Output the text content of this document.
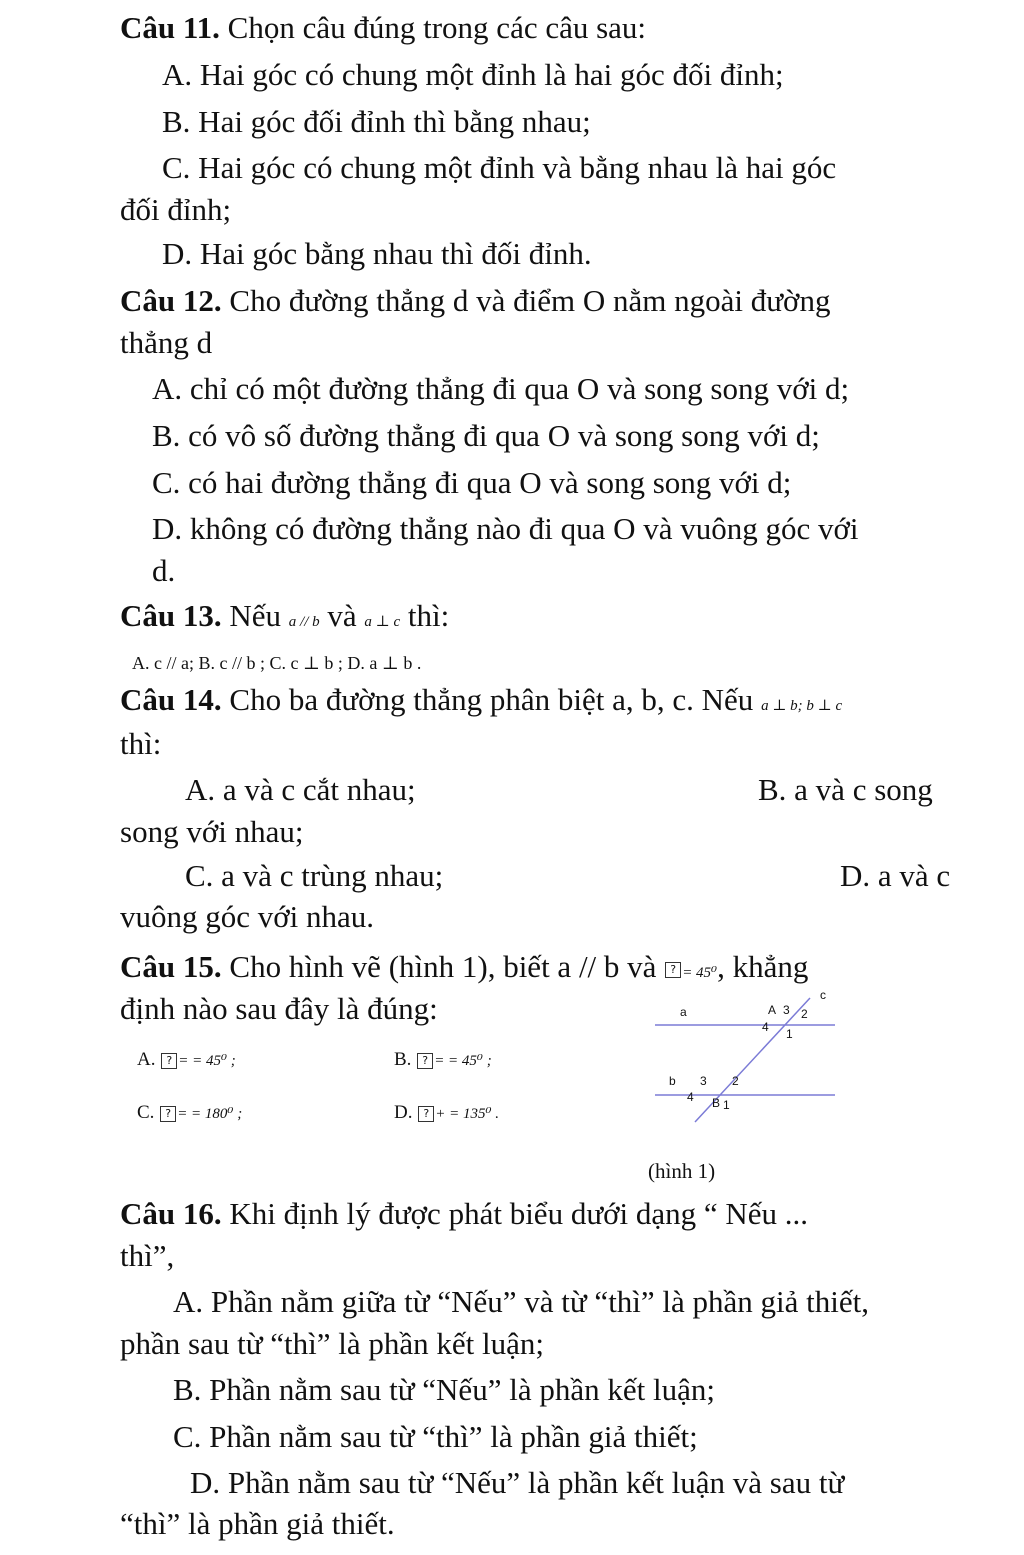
Câu 11. Chọn câu đúng trong các câu sau:
A. Hai góc có chung một đỉnh là hai góc đối đỉnh;
B. Hai góc đối đỉnh thì bằng nhau;
C. Hai góc có chung một đỉnh và bằng nhau là hai góc
đối đỉnh;
D. Hai góc bằng nhau thì đối đỉnh.
Câu 12. Cho đường thẳng d và điểm O nằm ngoài đường
thẳng d
A. chỉ có một đường thẳng đi qua O và song song với d;
B. có vô số đường thẳng đi qua O và song song với d;
C. có hai đường thẳng đi qua O và song song với d;
D. không có đường thẳng nào đi qua O và vuông góc với
d.
Câu 13. Nếu a // b và a ⊥ c thì:
A. c // a; B. c // b ; C. c ⊥ b ; D. a ⊥ b .
Câu 14. Cho ba đường thẳng phân biệt a, b, c. Nếu a ⊥ b; b ⊥ c
thì:
A. a và c cắt nhau;	B. a và c song
song với nhau;
C. a và c trùng nhau;	D. a và c
vuông góc với nhau.
Câu 15. Cho hình vẽ (hình 1), biết a // b và ? = 45⁰, khẳng
định nào sau đây là đúng:
A. ? = = 45⁰ ;	B. ? = = 45⁰ ;
C. ? = = 180⁰ ;	D. ? + = 135⁰ .
a
c
A 3 2
4 1
b 3 2
4 B 1
(hình 1)
Câu 16. Khi định lý được phát biểu dưới dạng “ Nếu ...
thì”,
A. Phần nằm giữa từ “Nếu” và từ “thì” là phần giả thiết,
phần sau từ “thì” là phần kết luận;
B. Phần nằm sau từ “Nếu” là phần kết luận;
C. Phần nằm sau từ “thì” là phần giả thiết;
D. Phần nằm sau từ “Nếu” là phần kết luận và sau từ
“thì” là phần giả thiết.
